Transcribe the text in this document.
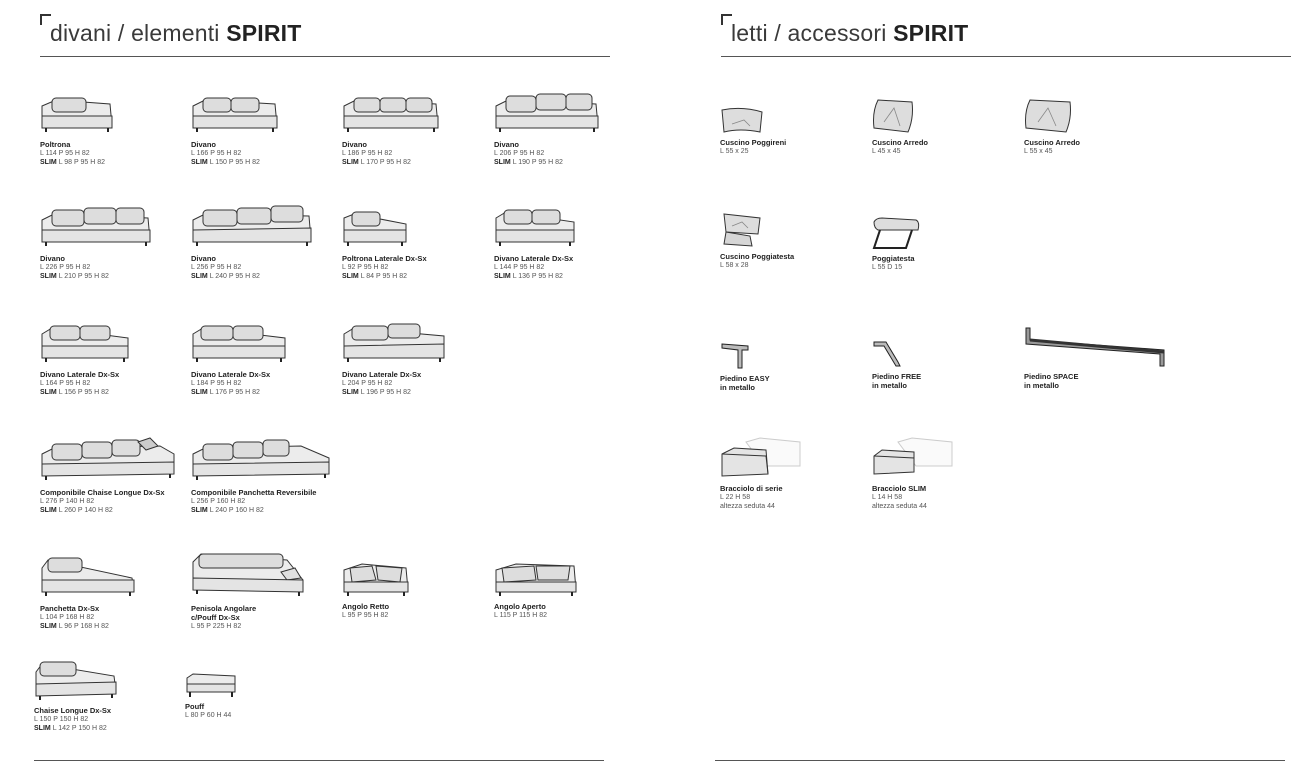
divani / elementi SPIRIT
Poltrona
L 114 P 95 H 82
SLIM L 98 P 95 H 82
Divano
L 166 P 95 H 82
SLIM L 150 P 95 H 82
Divano
L 186 P 95 H 82
SLIM L 170 P 95 H 82
Divano
L 206 P 95 H 82
SLIM L 190 P 95 H 82
Divano
L 226 P 95 H 82
SLIM L 210 P 95 H 82
Divano
L 256 P 95 H 82
SLIM L 240 P 95 H 82
Poltrona Laterale Dx-Sx
L 92 P 95 H 82
SLIM L 84 P 95 H 82
Divano Laterale Dx-Sx
L 144 P 95 H 82
SLIM L 136 P 95 H 82
Divano Laterale Dx-Sx
L 164 P 95 H 82
SLIM L 156 P 95 H 82
Divano Laterale Dx-Sx
L 184 P 95 H 82
SLIM L 176 P 95 H 82
Divano Laterale Dx-Sx
L 204 P 95 H 82
SLIM L 196 P 95 H 82
Componibile Chaise Longue Dx-Sx
L 276 P 140 H 82
SLIM L 260 P 140 H 82
Componibile Panchetta Reversibile
L 256 P 160 H 82
SLIM L 240 P 160 H 82
Panchetta Dx-Sx
L 104 P 168 H 82
SLIM L 96 P 168 H 82
Penisola Angolare
c/Pouff Dx-Sx
L 95 P 225 H 82
Angolo Retto
L 95 P 95 H 82
Angolo Aperto
L 115 P 115 H 82
Chaise Longue Dx-Sx
L 150 P 150 H 82
SLIM L 142 P 150 H 82
Pouff
L 80 P 60 H 44
letti / accessori SPIRIT
Cuscino Poggireni
L 55 x 25
Cuscino Arredo
L 45 x 45
Cuscino Arredo
L 55 x 45
Cuscino Poggiatesta
L 58 x 28
Poggiatesta
L 55 D 15
Piedino EASY
in metallo
Piedino FREE
in metallo
Piedino SPACE
in metallo
Bracciolo di serie
L 22 H 58
altezza seduta 44
Bracciolo SLIM
L 14 H 58
altezza seduta 44
